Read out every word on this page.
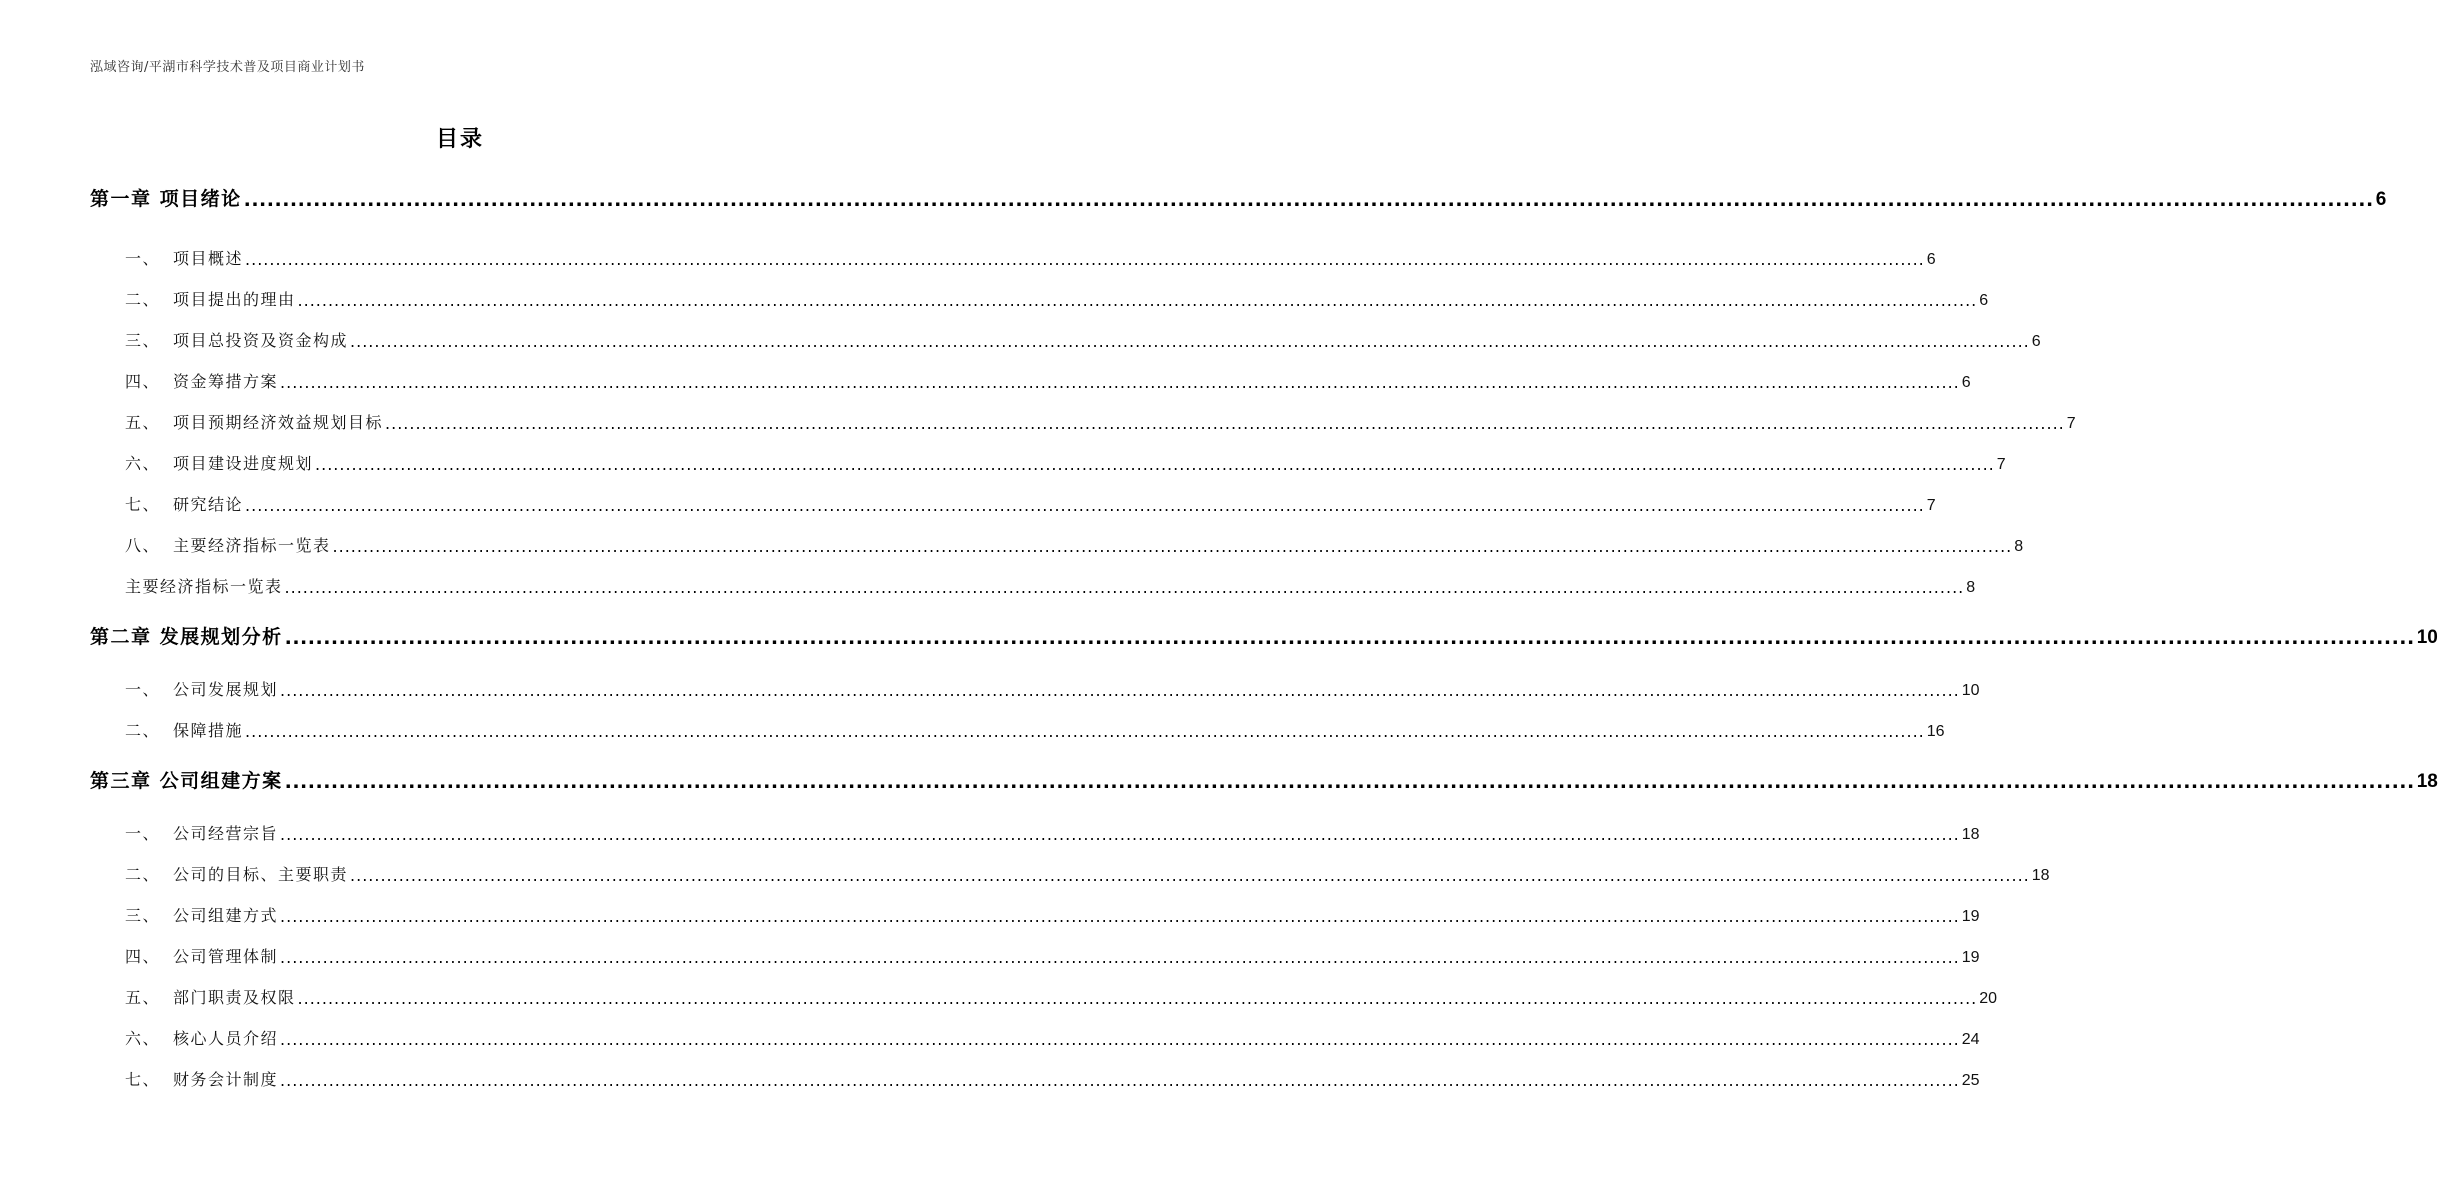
泓域咨询/平湖市科学技术普及项目商业计划书
目录
第一章 项目绪论 .................................................................................................................................................................................................................................................................................... 6
一、 项目概述 .................................................................................................................................................................................................................................................................................... 6
二、 项目提出的理由 .................................................................................................................................................................................................................................................................................... 6
三、 项目总投资及资金构成 .................................................................................................................................................................................................................................................................................... 6
四、 资金筹措方案 .................................................................................................................................................................................................................................................................................... 6
五、 项目预期经济效益规划目标 .................................................................................................................................................................................................................................................................................... 7
六、 项目建设进度规划 .................................................................................................................................................................................................................................................................................... 7
七、 研究结论 .................................................................................................................................................................................................................................................................................... 7
八、 主要经济指标一览表 .................................................................................................................................................................................................................................................................................... 8
主要经济指标一览表 .................................................................................................................................................................................................................................................................................... 8
第二章 发展规划分析 .................................................................................................................................................................................................................................................................................... 10
一、 公司发展规划 .................................................................................................................................................................................................................................................................................... 10
二、 保障措施 .................................................................................................................................................................................................................................................................................... 16
第三章 公司组建方案 .................................................................................................................................................................................................................................................................................... 18
一、 公司经营宗旨 .................................................................................................................................................................................................................................................................................... 18
二、 公司的目标、主要职责 .................................................................................................................................................................................................................................................................................... 18
三、 公司组建方式 .................................................................................................................................................................................................................................................................................... 19
四、 公司管理体制 .................................................................................................................................................................................................................................................................................... 19
五、 部门职责及权限 .................................................................................................................................................................................................................................................................................... 20
六、 核心人员介绍 .................................................................................................................................................................................................................................................................................... 24
七、 财务会计制度 .................................................................................................................................................................................................................................................................................... 25
